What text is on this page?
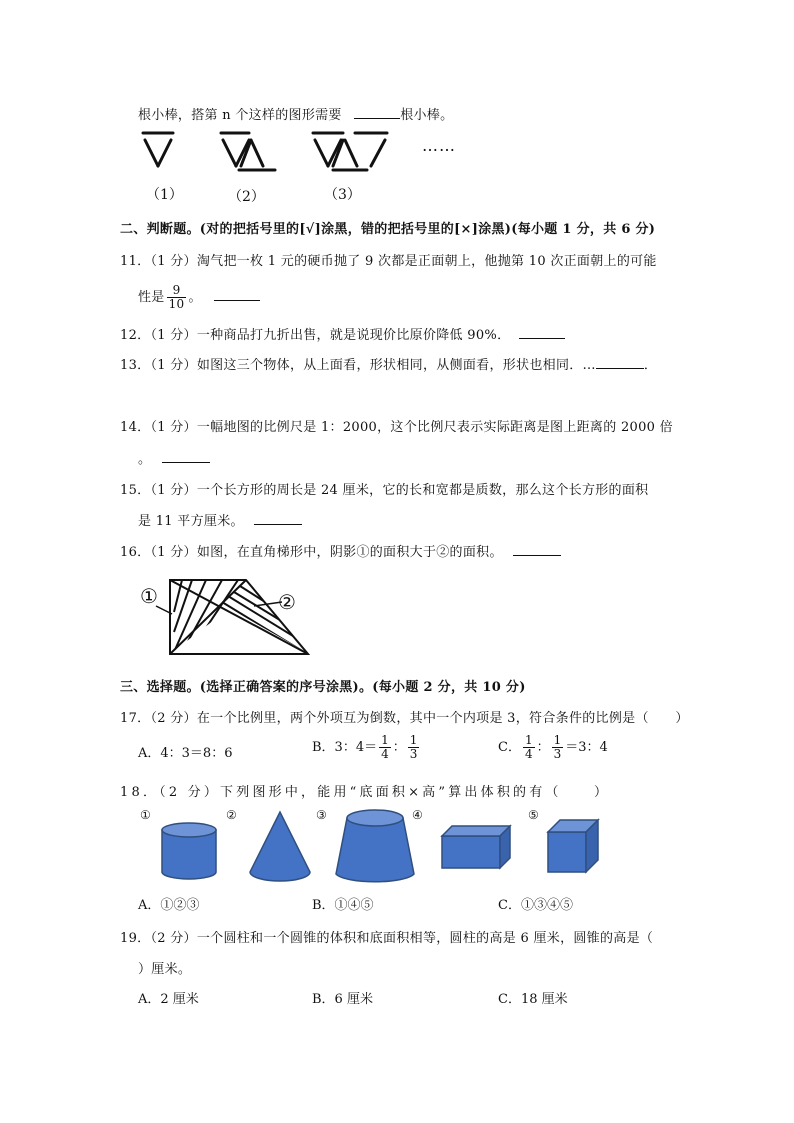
根小棒，搭第 n 个这样的图形需要	根小棒。
……
（1）	（2）	（3）
二、判断题。(对的把括号里的[√]涂黑，错的把括号里的[×]涂黑)(每小题 1 分，共 6 分)
11．（1 分）淘气把一枚 1 元的硬币抛了 9 次都是正面朝上，他抛第 10 次正面朝上的可能
性是 $\frac{9}{10}$ 。
12．（1 分）一种商品打九折出售，就是说现价比原价降低 90%．
13．（1 分）如图这三个物体，从上面看，形状相同，从侧面看，形状也相同．…	．
14．（1 分）一幅地图的比例尺是 1：2000，这个比例尺表示实际距离是图上距离的 2000 倍
。
15．（1 分）一个长方形的周长是 24 厘米，它的长和宽都是质数，那么这个长方形的面积
是 11 平方厘米。
16．（1 分）如图，在直角梯形中，阴影①的面积大于②的面积。
①	②
三、选择题。(选择正确答案的序号涂黑)。(每小题 2 分，共 10 分)
17．（2 分）在一个比例里，两个外项互为倒数，其中一个内项是 3，符合条件的比例是（　　）
A．4：3＝8：6	B．3：$4= \frac{1}{4}$ ： $\frac{1}{3}$	C． $\frac{1}{4}$ ： $\frac{1}{3} =3$：4
18．（2 分）下列图形中，能用“底面积×高”算出体积的有（　　）
①	②	③	④	⑤
A．①②③	B．①④⑤	C．①③④⑤
19．（2 分）一个圆柱和一个圆锥的体积和底面积相等，圆柱的高是 6 厘米，圆锥的高是（
）厘米。
A．2 厘米	B．6 厘米	C．18 厘米
